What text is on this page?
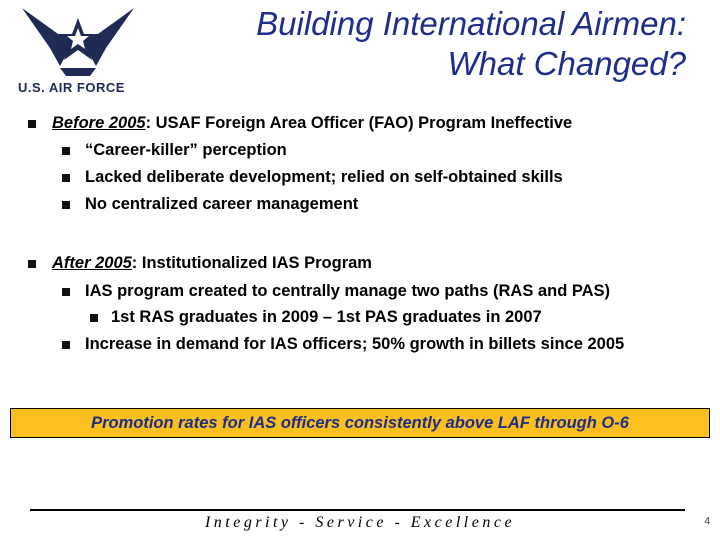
U.S. AIR FORCE
Building International Airmen:
What Changed?
Before 2005: USAF Foreign Area Officer (FAO) Program Ineffective
“Career-killer” perception
Lacked deliberate development; relied on self-obtained skills
No centralized career management
After 2005: Institutionalized IAS Program
IAS program created to centrally manage two paths (RAS and PAS)
1st RAS graduates in 2009 – 1st PAS graduates in 2007
Increase in demand for IAS officers; 50% growth in billets since 2005
Promotion rates for IAS officers consistently above LAF through O-6
Integrity - Service - Excellence	4
